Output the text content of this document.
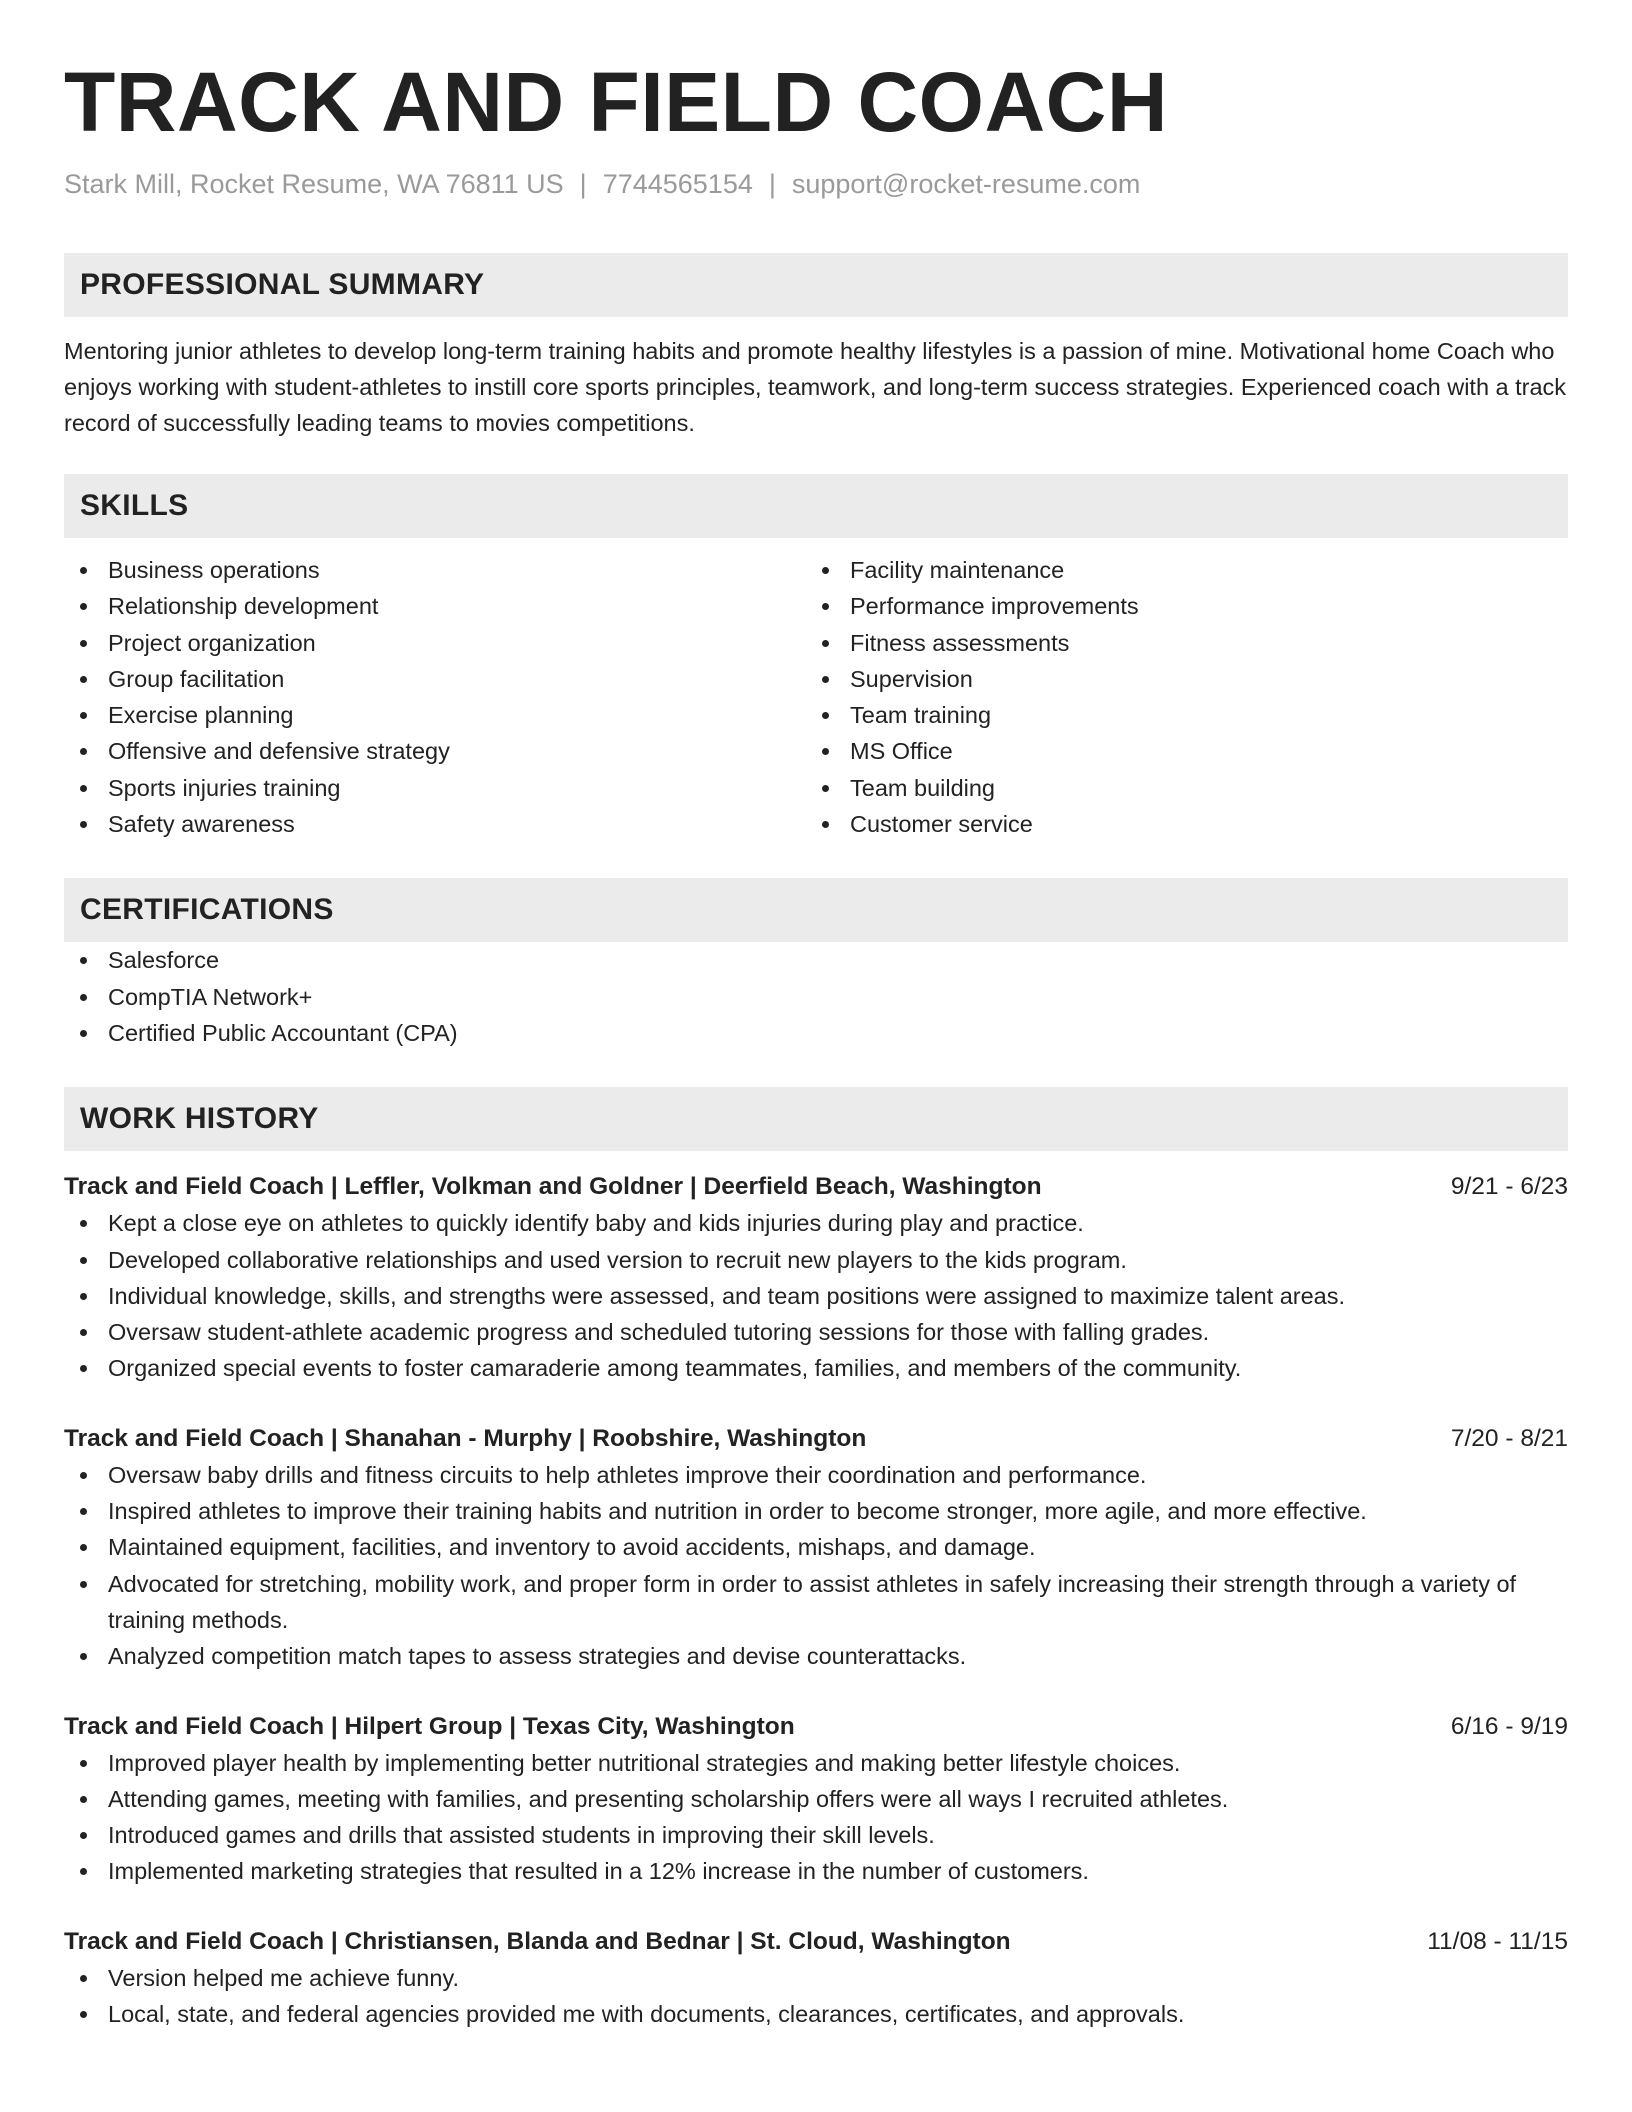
TRACK AND FIELD COACH
Stark Mill, Rocket Resume, WA 76811 US | 7744565154 | support@rocket-resume.com
PROFESSIONAL SUMMARY
Mentoring junior athletes to develop long-term training habits and promote healthy lifestyles is a passion of mine. Motivational home Coach who enjoys working with student-athletes to instill core sports principles, teamwork, and long-term success strategies. Experienced coach with a track record of successfully leading teams to movies competitions.
SKILLS
Business operations
Relationship development
Project organization
Group facilitation
Exercise planning
Offensive and defensive strategy
Sports injuries training
Safety awareness
Facility maintenance
Performance improvements
Fitness assessments
Supervision
Team training
MS Office
Team building
Customer service
CERTIFICATIONS
Salesforce
CompTIA Network+
Certified Public Accountant (CPA)
WORK HISTORY
Track and Field Coach | Leffler, Volkman and Goldner | Deerfield Beach, Washington	9/21 - 6/23
Kept a close eye on athletes to quickly identify baby and kids injuries during play and practice.
Developed collaborative relationships and used version to recruit new players to the kids program.
Individual knowledge, skills, and strengths were assessed, and team positions were assigned to maximize talent areas.
Oversaw student-athlete academic progress and scheduled tutoring sessions for those with falling grades.
Organized special events to foster camaraderie among teammates, families, and members of the community.
Track and Field Coach | Shanahan - Murphy | Roobshire, Washington	7/20 - 8/21
Oversaw baby drills and fitness circuits to help athletes improve their coordination and performance.
Inspired athletes to improve their training habits and nutrition in order to become stronger, more agile, and more effective.
Maintained equipment, facilities, and inventory to avoid accidents, mishaps, and damage.
Advocated for stretching, mobility work, and proper form in order to assist athletes in safely increasing their strength through a variety of training methods.
Analyzed competition match tapes to assess strategies and devise counterattacks.
Track and Field Coach | Hilpert Group | Texas City, Washington	6/16 - 9/19
Improved player health by implementing better nutritional strategies and making better lifestyle choices.
Attending games, meeting with families, and presenting scholarship offers were all ways I recruited athletes.
Introduced games and drills that assisted students in improving their skill levels.
Implemented marketing strategies that resulted in a 12% increase in the number of customers.
Track and Field Coach | Christiansen, Blanda and Bednar | St. Cloud, Washington	11/08 - 11/15
Version helped me achieve funny.
Local, state, and federal agencies provided me with documents, clearances, certificates, and approvals.
